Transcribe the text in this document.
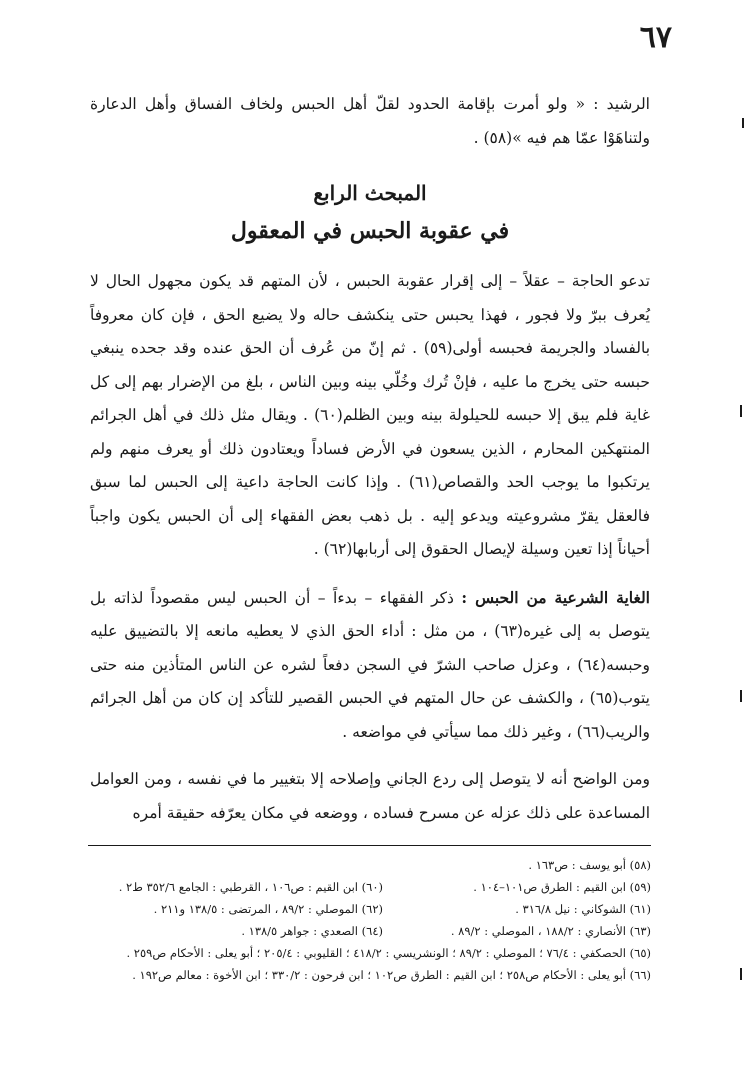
٦٧

الرشيد : « ولو أمرت بإقامة الحدود لقلّ أهل الحبس ولخاف الفساق وأهل الدعارة ولتناهَوْا عمّا هم فيه »(٥٨) .

المبحث الرابع
في عقوبة الحبس في المعقول

تدعو الحاجة – عقلاً – إلى إقرار عقوبة الحبس ، لأن المتهم قد يكون مجهول الحال لا يُعرف ببرّ ولا فجور ، فهذا يحبس حتى ينكشف حاله ولا يضيع الحق ، فإن كان معروفاً بالفساد والجريمة فحبسه أولى(٥٩) . ثم إنّ من عُرف أن الحق عنده وقد جحده ينبغي حبسه حتى يخرج ما عليه ، فإنْ تُرك وخُلّي بينه وبين الناس ، بلغ من الإضرار بهم إلى كل غاية فلم يبق إلا حبسه للحيلولة بينه وبين الظلم(٦٠) . ويقال مثل ذلك في أهل الجرائم المنتهكين المحارم ، الذين يسعون في الأرض فساداً ويعتادون ذلك أو يعرف منهم ولم يرتكبوا ما يوجب الحد والقصاص(٦١) . وإذا كانت الحاجة داعية إلى الحبس لما سبق فالعقل يقرّ مشروعيته ويدعو إليه . بل ذهب بعض الفقهاء إلى أن الحبس يكون واجباً أحياناً إذا تعين وسيلة لإيصال الحقوق إلى أربابها(٦٢) .

الغاية الشرعية من الحبس : ذكر الفقهاء – بدءاً – أن الحبس ليس مقصوداً لذاته بل يتوصل به إلى غيره(٦٣) ، من مثل : أداء الحق الذي لا يعطيه مانعه إلا بالتضييق عليه وحبسه(٦٤) ، وعزل صاحب الشرّ في السجن دفعاً لشره عن الناس المتأذين منه حتى يتوب(٦٥) ، والكشف عن حال المتهم في الحبس القصير للتأكد إن كان من أهل الجرائم والريب(٦٦) ، وغير ذلك مما سيأتي في مواضعه .

ومن الواضح أنه لا يتوصل إلى ردع الجاني وإصلاحه إلا بتغيير ما في نفسه ، ومن العوامل المساعدة على ذلك عزله عن مسرح فساده ، ووضعه في مكان يعرّفه حقيقة أمره

(٥٨) أبو يوسف : ص١٦٣ .
(٥٩) ابن القيم : الطرق ص١٠١–١٠٤ .
(٦٠) ابن القيم : ص١٠٦ ، القرطبي : الجامع ٣٥٢/٦ ط٢ .
(٦١) الشوكاني : نيل ٣١٦/٨ .
(٦٢) الموصلي : ٨٩/٢ ، المرتضى : ١٣٨/٥ و٢١١ .
(٦٣) الأنصاري : ١٨٨/٢ ، الموصلي : ٨٩/٢ .
(٦٤) الصعدي : جواهر ١٣٨/٥ .
(٦٥) الحصكفي : ٧٦/٤ ؛ الموصلي : ٨٩/٢ ؛ الونشريسي : ٤١٨/٢ ؛ القليوبي : ٢٠٥/٤ ؛ أبو يعلى : الأحكام ص٢٥٩ .
(٦٦) أبو يعلى : الأحكام ص٢٥٨ ؛ ابن القيم : الطرق ص١٠٢ ؛ ابن فرحون : ٣٣٠/٢ ؛ ابن الأخوة : معالم ص١٩٢ .
